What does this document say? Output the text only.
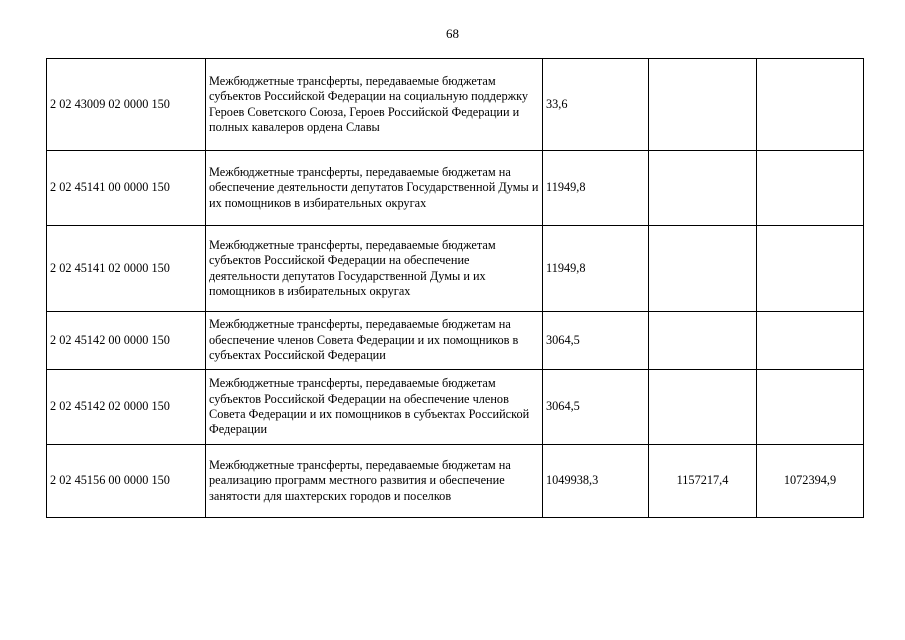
68
2 02 43009 02 0000 150	Межбюджетные трансферты, передаваемые бюджетам субъектов Российской Федерации на социальную поддержку Героев Советского Союза, Героев Российской Федерации и полных кавалеров ордена Славы	33,6		
2 02 45141 00 0000 150	Межбюджетные трансферты, передаваемые бюджетам на обеспечение деятельности депутатов Государственной Думы и их помощников в избирательных округах	11949,8		
2 02 45141 02 0000 150	Межбюджетные трансферты, передаваемые бюджетам субъектов Российской Федерации на обеспечение деятельности депутатов Государственной Думы и их помощников в избирательных округах	11949,8		
2 02 45142 00 0000 150	Межбюджетные трансферты, передаваемые бюджетам на обеспечение членов Совета Федерации и их помощников в субъектах Российской Федерации	3064,5		
2 02 45142 02 0000 150	Межбюджетные трансферты, передаваемые бюджетам субъектов Российской Федерации на обеспечение членов Совета Федерации и их помощников в субъектах Российской Федерации	3064,5		
2 02 45156 00 0000 150	Межбюджетные трансферты, передаваемые бюджетам на реализацию программ местного развития и обеспечение занятости для шахтерских городов и поселков	1049938,3	1157217,4	1072394,9
